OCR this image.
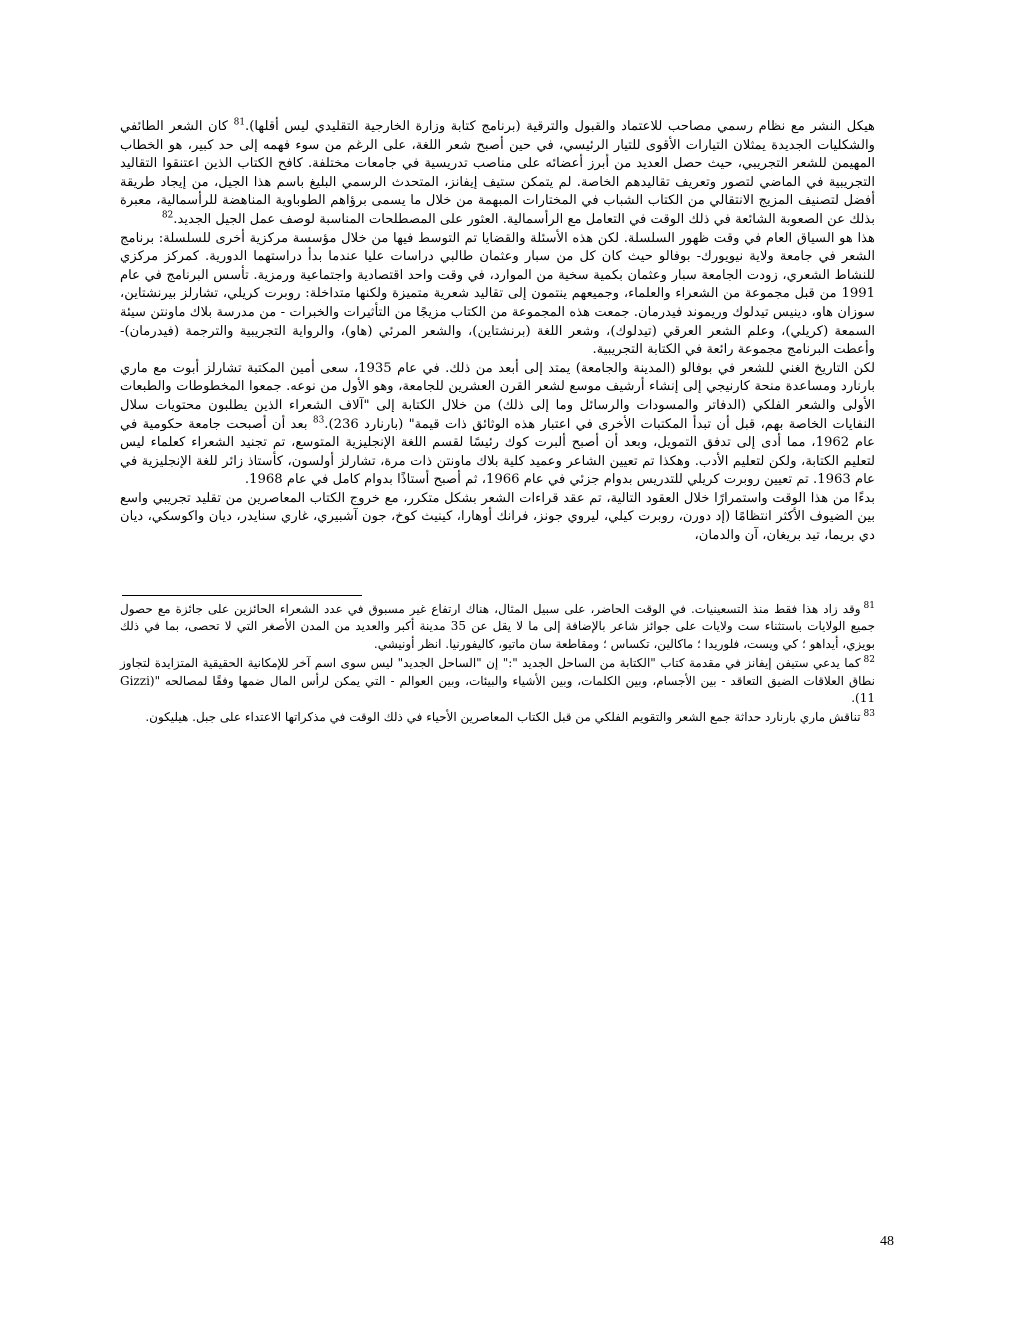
هيكل النشر مع نظام رسمي مصاحب للاعتماد والقبول والترقية (برنامج كتابة وزارة الخارجية التقليدي ليس أقلها).$^{81}$ كان الشعر الطائفي والشكليات الجديدة يمثلان التيارات الأقوى للتيار الرئيسي، في حين أصبح شعر اللغة، على الرغم من سوء فهمه إلى حد كبير، هو الخطاب المهيمن للشعر التجريبي، حيث حصل العديد من أبرز أعضائه على مناصب تدريسية في جامعات مختلفة. كافح الكتاب الذين اعتنقوا التقاليد التجريبية في الماضي لتصور وتعريف تقاليدهم الخاصة. لم يتمكن ستيف إيفانز، المتحدث الرسمي البليغ باسم هذا الجيل، من إيجاد طريقة أفضل لتصنيف المزيج الانتقالي من الكتاب الشباب في المختارات المبهمة من خلال ما يسمى برؤاهم الطوباوية المناهضة للرأسمالية، معبرة بذلك عن الصعوبة الشائعة في ذلك الوقت في التعامل مع الرأسمالية. العثور على المصطلحات المناسبة لوصف عمل الجيل الجديد.$^{82}$

هذا هو السياق العام في وقت ظهور السلسلة. لكن هذه الأسئلة والقضايا تم التوسط فيها من خلال مؤسسة مركزية أخرى للسلسلة: برنامج الشعر في جامعة ولاية نيويورك- بوفالو حيث كان كل من سبار وعثمان طالبي دراسات عليا عندما بدأ دراستهما الدورية. كمركز مركزي للنشاط الشعري، زودت الجامعة سبار وعثمان بكمية سخية من الموارد، في وقت واحد اقتصادية واجتماعية ورمزية. تأسس البرنامج في عام 1991 من قبل مجموعة من الشعراء والعلماء، وجميعهم ينتمون إلى تقاليد شعرية متميزة ولكنها متداخلة: روبرت كريلي، تشارلز بيرنشتاين، سوزان هاو، دينيس تيدلوك وريموند فيدرمان. جمعت هذه المجموعة من الكتاب مزيجًا من التأثيرات والخبرات - من مدرسة بلاك ماونتن سيئة السمعة (كريلي)، وعلم الشعر العرقي (تيدلوك)، وشعر اللغة (برنشتاين)، والشعر المرئي (هاو)، والرواية التجريبية والترجمة (فيدرمان)- وأعطت البرنامج مجموعة رائعة في الكتابة التجريبية.

لكن التاريخ الغني للشعر في بوفالو (المدينة والجامعة) يمتد إلى أبعد من ذلك. في عام 1935، سعى أمين المكتبة تشارلز أبوت مع ماري بارنارد ومساعدة منحة كارنيجي إلى إنشاء أرشيف موسع لشعر القرن العشرين للجامعة، وهو الأول من نوعه. جمعوا المخطوطات والطبعات الأولى والشعر الفلكي (الدفاتر والمسودات والرسائل وما إلى ذلك) من خلال الكتابة إلى "آلاف الشعراء الذين يطلبون محتويات سلال النفايات الخاصة بهم، قبل أن تبدأ المكتبات الأخرى في اعتبار هذه الوثائق ذات قيمة" (بارنارد 236).$^{83}$ بعد أن أصبحت جامعة حكومية في عام 1962، مما أدى إلى تدفق التمويل، وبعد أن أصبح ألبرت كوك رئيسًا لقسم اللغة الإنجليزية المتوسع، تم تجنيد الشعراء كعلماء ليس لتعليم الكتابة، ولكن لتعليم الأدب. وهكذا تم تعيين الشاعر وعميد كلية بلاك ماونتن ذات مرة، تشارلز أولسون، كأستاذ زائر للغة الإنجليزية في عام 1963. تم تعيين روبرت كريلي للتدريس بدوام جزئي في عام 1966، ثم أصبح أستاذًا بدوام كامل في عام 1968.

بدءًا من هذا الوقت واستمرارًا خلال العقود التالية، تم عقد قراءات الشعر بشكل متكرر، مع خروج الكتاب المعاصرين من تقليد تجريبي واسع بين الضيوف الأكثر انتظامًا (إد دورن، روبرت كيلي، ليروي جونز، فرانك أوهارا، كينيث كوخ، جون آشبيري، غاري سنايدر، ديان واكوسكي، ديان دي بريما، تيد بريغان، آن والدمان،

$^{81}$وقد زاد هذا فقط منذ التسعينيات. في الوقت الحاضر، على سبيل المثال، هناك ارتفاع غير مسبوق في عدد الشعراء الحائزين على جائزة مع حصول جميع الولايات باستثناء ست ولايات على جوائز شاعر بالإضافة إلى ما لا يقل عن 35 مدينة أكبر والعديد من المدن الأصغر التي لا تحصى، بما في ذلك بويزي، أيداهو ؛ كي ويست، فلوريدا ؛ ماكالين، تكساس ؛ ومقاطعة سان ماتيو، كاليفورنيا. انظر أونيشي.

$^{82}$كما يدعي ستيفن إيفانز في مقدمة كتاب "الكتابة من الساحل الجديد ":" إن "الساحل الجديد" ليس سوى اسم آخر للإمكانية الحقيقية المتزايدة لتجاوز نطاق العلاقات الضيق التعاقد - بين الأجسام، وبين الكلمات، وبين الأشياء والبيئات، وبين العوالم - التي يمكن لرأس المال ضمها وفقًا لمصالحه "(Gizzi 11).

$^{83}$تناقش ماري بارنارد حداثة جمع الشعر والتقويم الفلكي من قبل الكتاب المعاصرين الأحياء في ذلك الوقت في مذكراتها الاعتداء على جبل. هيليكون.

48
